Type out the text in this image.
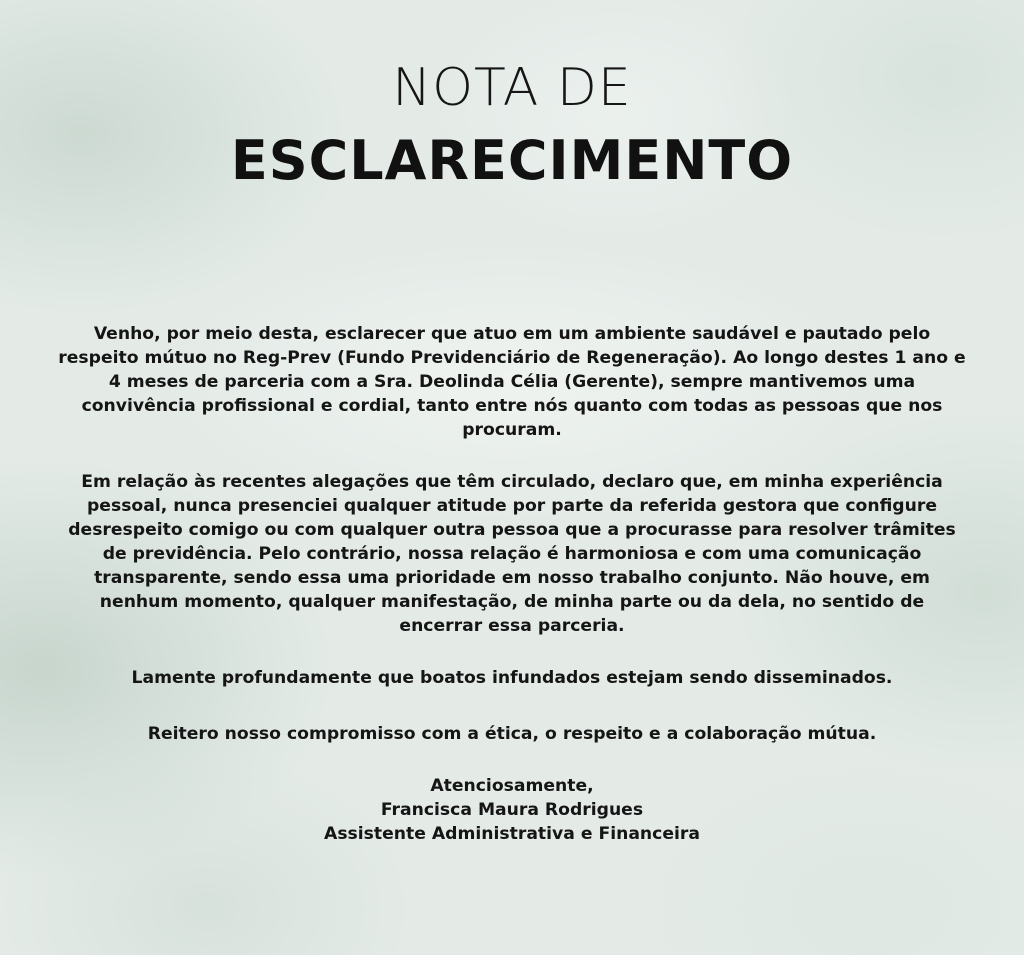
NOTA DE
ESCLARECIMENTO

Venho, por meio desta, esclarecer que atuo em um ambiente saudável e pautado pelo respeito mútuo no Reg-Prev (Fundo Previdenciário de Regeneração). Ao longo destes 1 ano e 4 meses de parceria com a Sra. Deolinda Célia (Gerente), sempre mantivemos uma convivência profissional e cordial, tanto entre nós quanto com todas as pessoas que nos procuram.

Em relação às recentes alegações que têm circulado, declaro que, em minha experiência pessoal, nunca presenciei qualquer atitude por parte da referida gestora que configure desrespeito comigo ou com qualquer outra pessoa que a procurasse para resolver trâmites de previdência. Pelo contrário, nossa relação é harmoniosa e com uma comunicação transparente, sendo essa uma prioridade em nosso trabalho conjunto. Não houve, em nenhum momento, qualquer manifestação, de minha parte ou da dela, no sentido de encerrar essa parceria.

Lamente profundamente que boatos infundados estejam sendo disseminados.

Reitero nosso compromisso com a ética, o respeito e a colaboração mútua.

Atenciosamente,

Francisca Maura Rodrigues

Assistente Administrativa e Financeira
